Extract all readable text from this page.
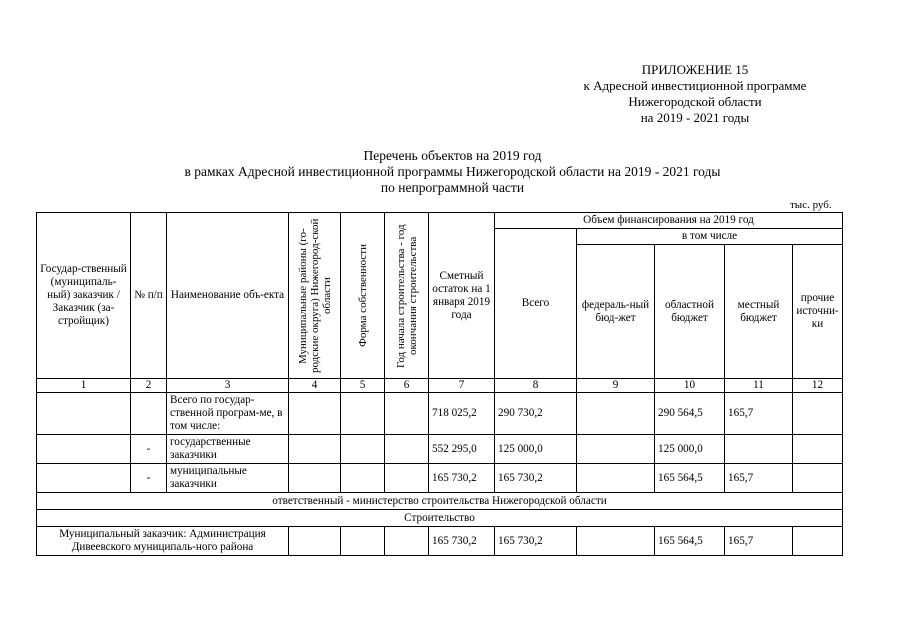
ПРИЛОЖЕНИЕ 15
к Адресной инвестиционной программе
Нижегородской области
на 2019 - 2021 годы
Перечень объектов на 2019 год
в рамках Адресной инвестиционной программы Нижегородской области на 2019 - 2021 годы
по непрограммной части
тыс. руб.
Государ-ственный (муниципаль-ный) заказчик / Заказчик (за-стройщик)	№ п/п	Наименование объ-екта	Муниципальные районы (го-родские округа) Нижегород-ской области	Форма собственности	Год начала строительства - год окончания строительства	Сметный остаток на 1 января 2019 года	Объем финансирования на 2019 год				
							Всего	в том числе			
								федераль-ный бюд-жет	областной бюджет	местный бюджет	прочие источни-ки
1	2	3	4	5	6	7	8	9	10	11	12
		Всего по государ-ственной програм-ме, в том числе:				718 025,2	290 730,2		290 564,5	165,7	
	-	государственные заказчики				552 295,0	125 000,0		125 000,0		
	-	муниципальные заказчики				165 730,2	165 730,2		165 564,5	165,7	
ответственный - министерство строительства Нижегородской области											
Строительство											
Муниципальный заказчик: Администрация Дивеевского муниципаль-ного района						165 730,2	165 730,2		165 564,5	165,7	
